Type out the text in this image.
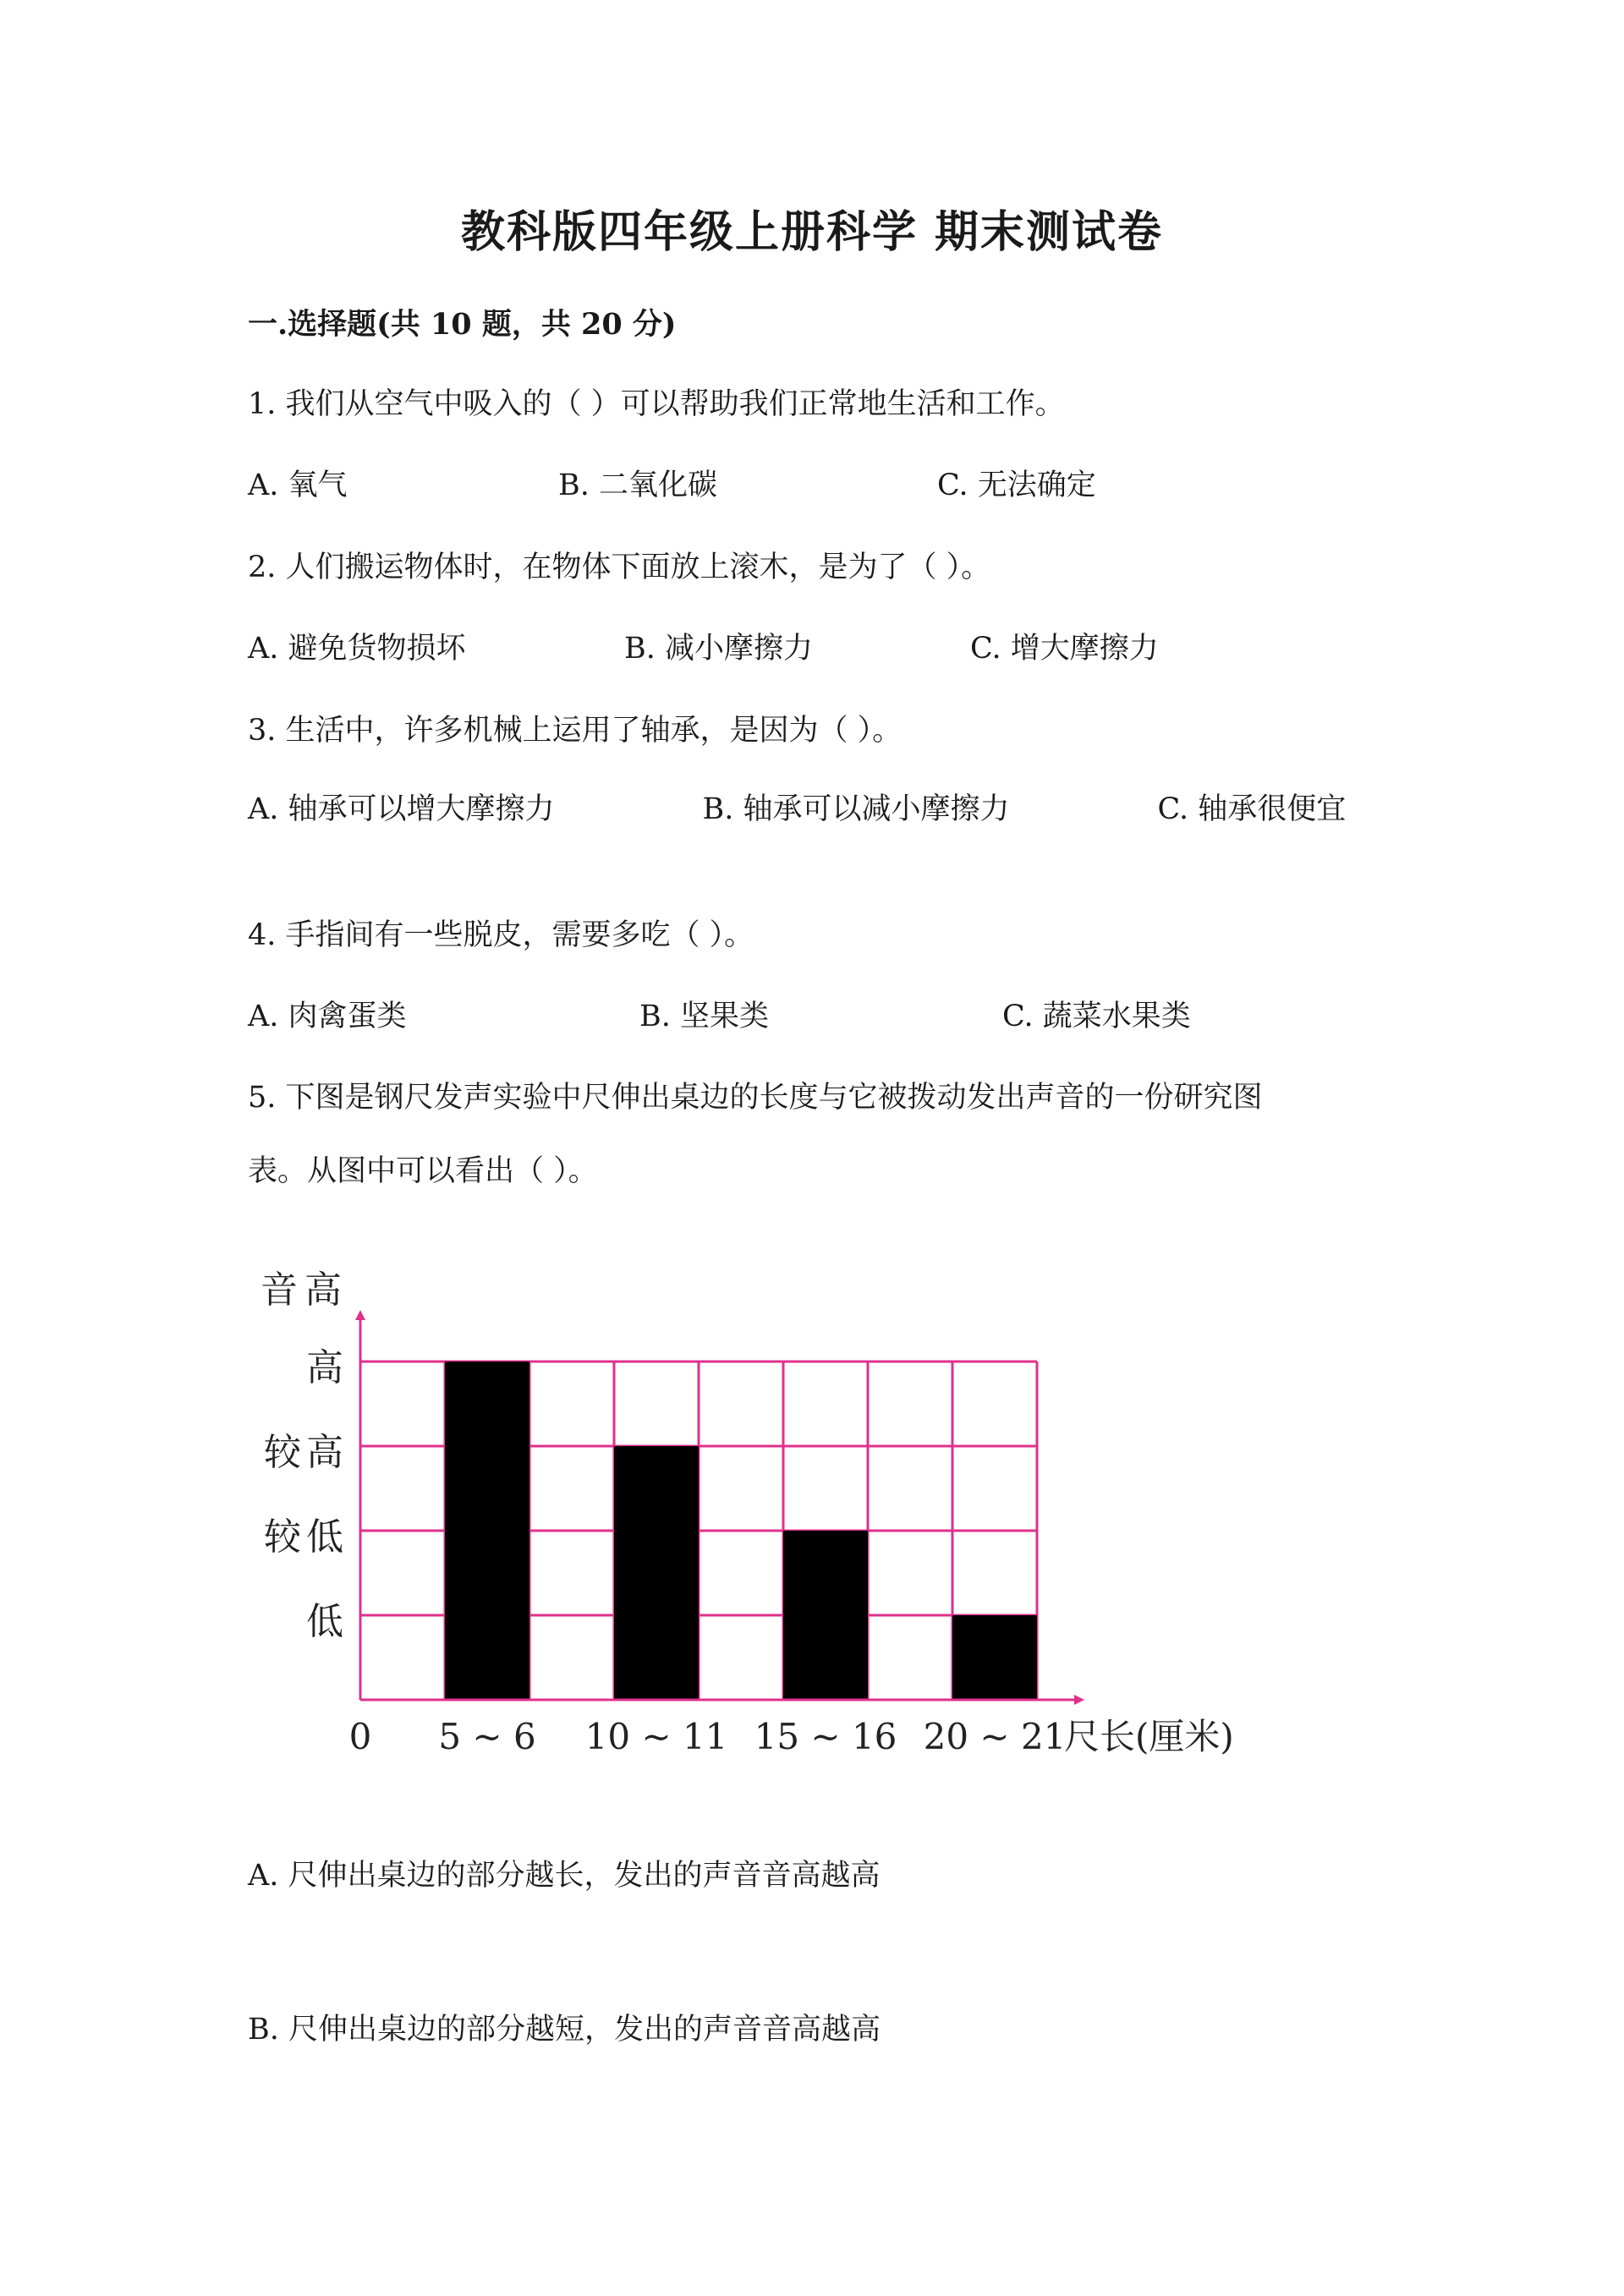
教科版四年级上册科学 期末测试卷

一.选择题(共 10 题，共 20 分)

1. 我们从空气中吸入的（ ）可以帮助我们正常地生活和工作。

A. 氧气	B. 二氧化碳	C. 无法确定

2. 人们搬运物体时，在物体下面放上滚木，是为了（ ）。

A. 避免货物损坏	B. 减小摩擦力	C. 增大摩擦力

3. 生活中，许多机械上运用了轴承，是因为（ ）。

A. 轴承可以增大摩擦力	B. 轴承可以减小摩擦力	C. 轴承很便宜

4. 手指间有一些脱皮，需要多吃（ ）。

A. 肉禽蛋类	B. 坚果类	C. 蔬菜水果类

5. 下图是钢尺发声实验中尺伸出桌边的长度与它被拨动发出声音的一份研究图

表。从图中可以看出（ ）。

音高
低
较低
较高
高
0 5 ~ 6 10 ~ 11 15 ~ 16 20 ~ 21
尺长(厘米)

A. 尺伸出桌边的部分越长，发出的声音音高越高

B. 尺伸出桌边的部分越短，发出的声音音高越高
